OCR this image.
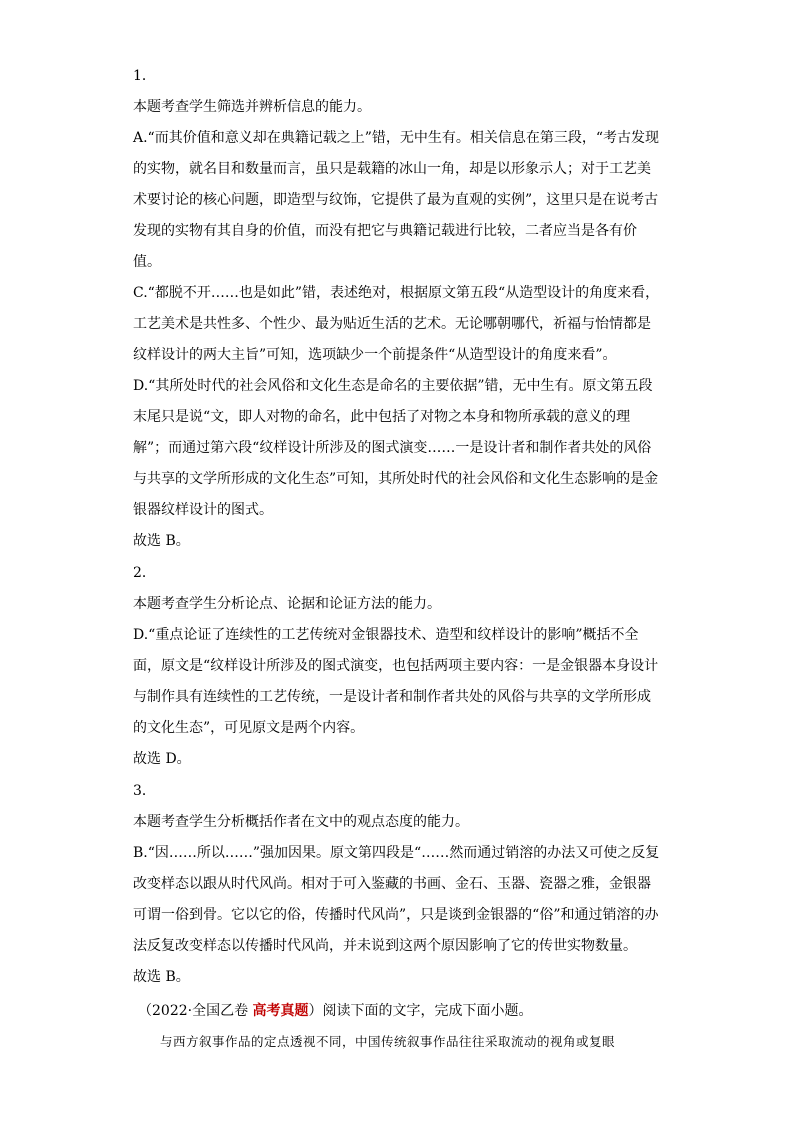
1．
本题考查学生筛选并辨析信息的能力。
A.“而其价值和意义却在典籍记载之上”错，无中生有。相关信息在第三段，“考古发现
的实物，就名目和数量而言，虽只是载籍的冰山一角，却是以形象示人；对于工艺美
术要讨论的核心问题，即造型与纹饰，它提供了最为直观的实例”，这里只是在说考古
发现的实物有其自身的价值，而没有把它与典籍记载进行比较，二者应当是各有价
值。
C.“都脱不开……也是如此”错，表述绝对，根据原文第五段“从造型设计的角度来看，
工艺美术是共性多、个性少、最为贴近生活的艺术。无论哪朝哪代，祈福与怡情都是
纹样设计的两大主旨”可知，选项缺少一个前提条件“从造型设计的角度来看”。
D.“其所处时代的社会风俗和文化生态是命名的主要依据”错，无中生有。原文第五段
末尾只是说“文，即人对物的命名，此中包括了对物之本身和物所承载的意义的理
解”；而通过第六段“纹样设计所涉及的图式演变……一是设计者和制作者共处的风俗
与共享的文学所形成的文化生态”可知，其所处时代的社会风俗和文化生态影响的是金
银器纹样设计的图式。
故选 B。
2．
本题考查学生分析论点、论据和论证方法的能力。
D.“重点论证了连续性的工艺传统对金银器技术、造型和纹样设计的影响”概括不全
面，原文是“纹样设计所涉及的图式演变，也包括两项主要内容：一是金银器本身设计
与制作具有连续性的工艺传统，一是设计者和制作者共处的风俗与共享的文学所形成
的文化生态”，可见原文是两个内容。
故选 D。
3．
本题考查学生分析概括作者在文中的观点态度的能力。
B.“因……所以……”强加因果。原文第四段是“……然而通过销溶的办法又可使之反复
改变样态以跟从时代风尚。相对于可入鉴藏的书画、金石、玉器、瓷器之雅，金银器
可谓一俗到骨。它以它的俗，传播时代风尚”，只是谈到金银器的“俗”和通过销溶的办
法反复改变样态以传播时代风尚，并未说到这两个原因影响了它的传世实物数量。
故选 B。
（2022·全国乙卷 高考真题）阅读下面的文字，完成下面小题。
与西方叙事作品的定点透视不同，中国传统叙事作品往往采取流动的视角或复眼
